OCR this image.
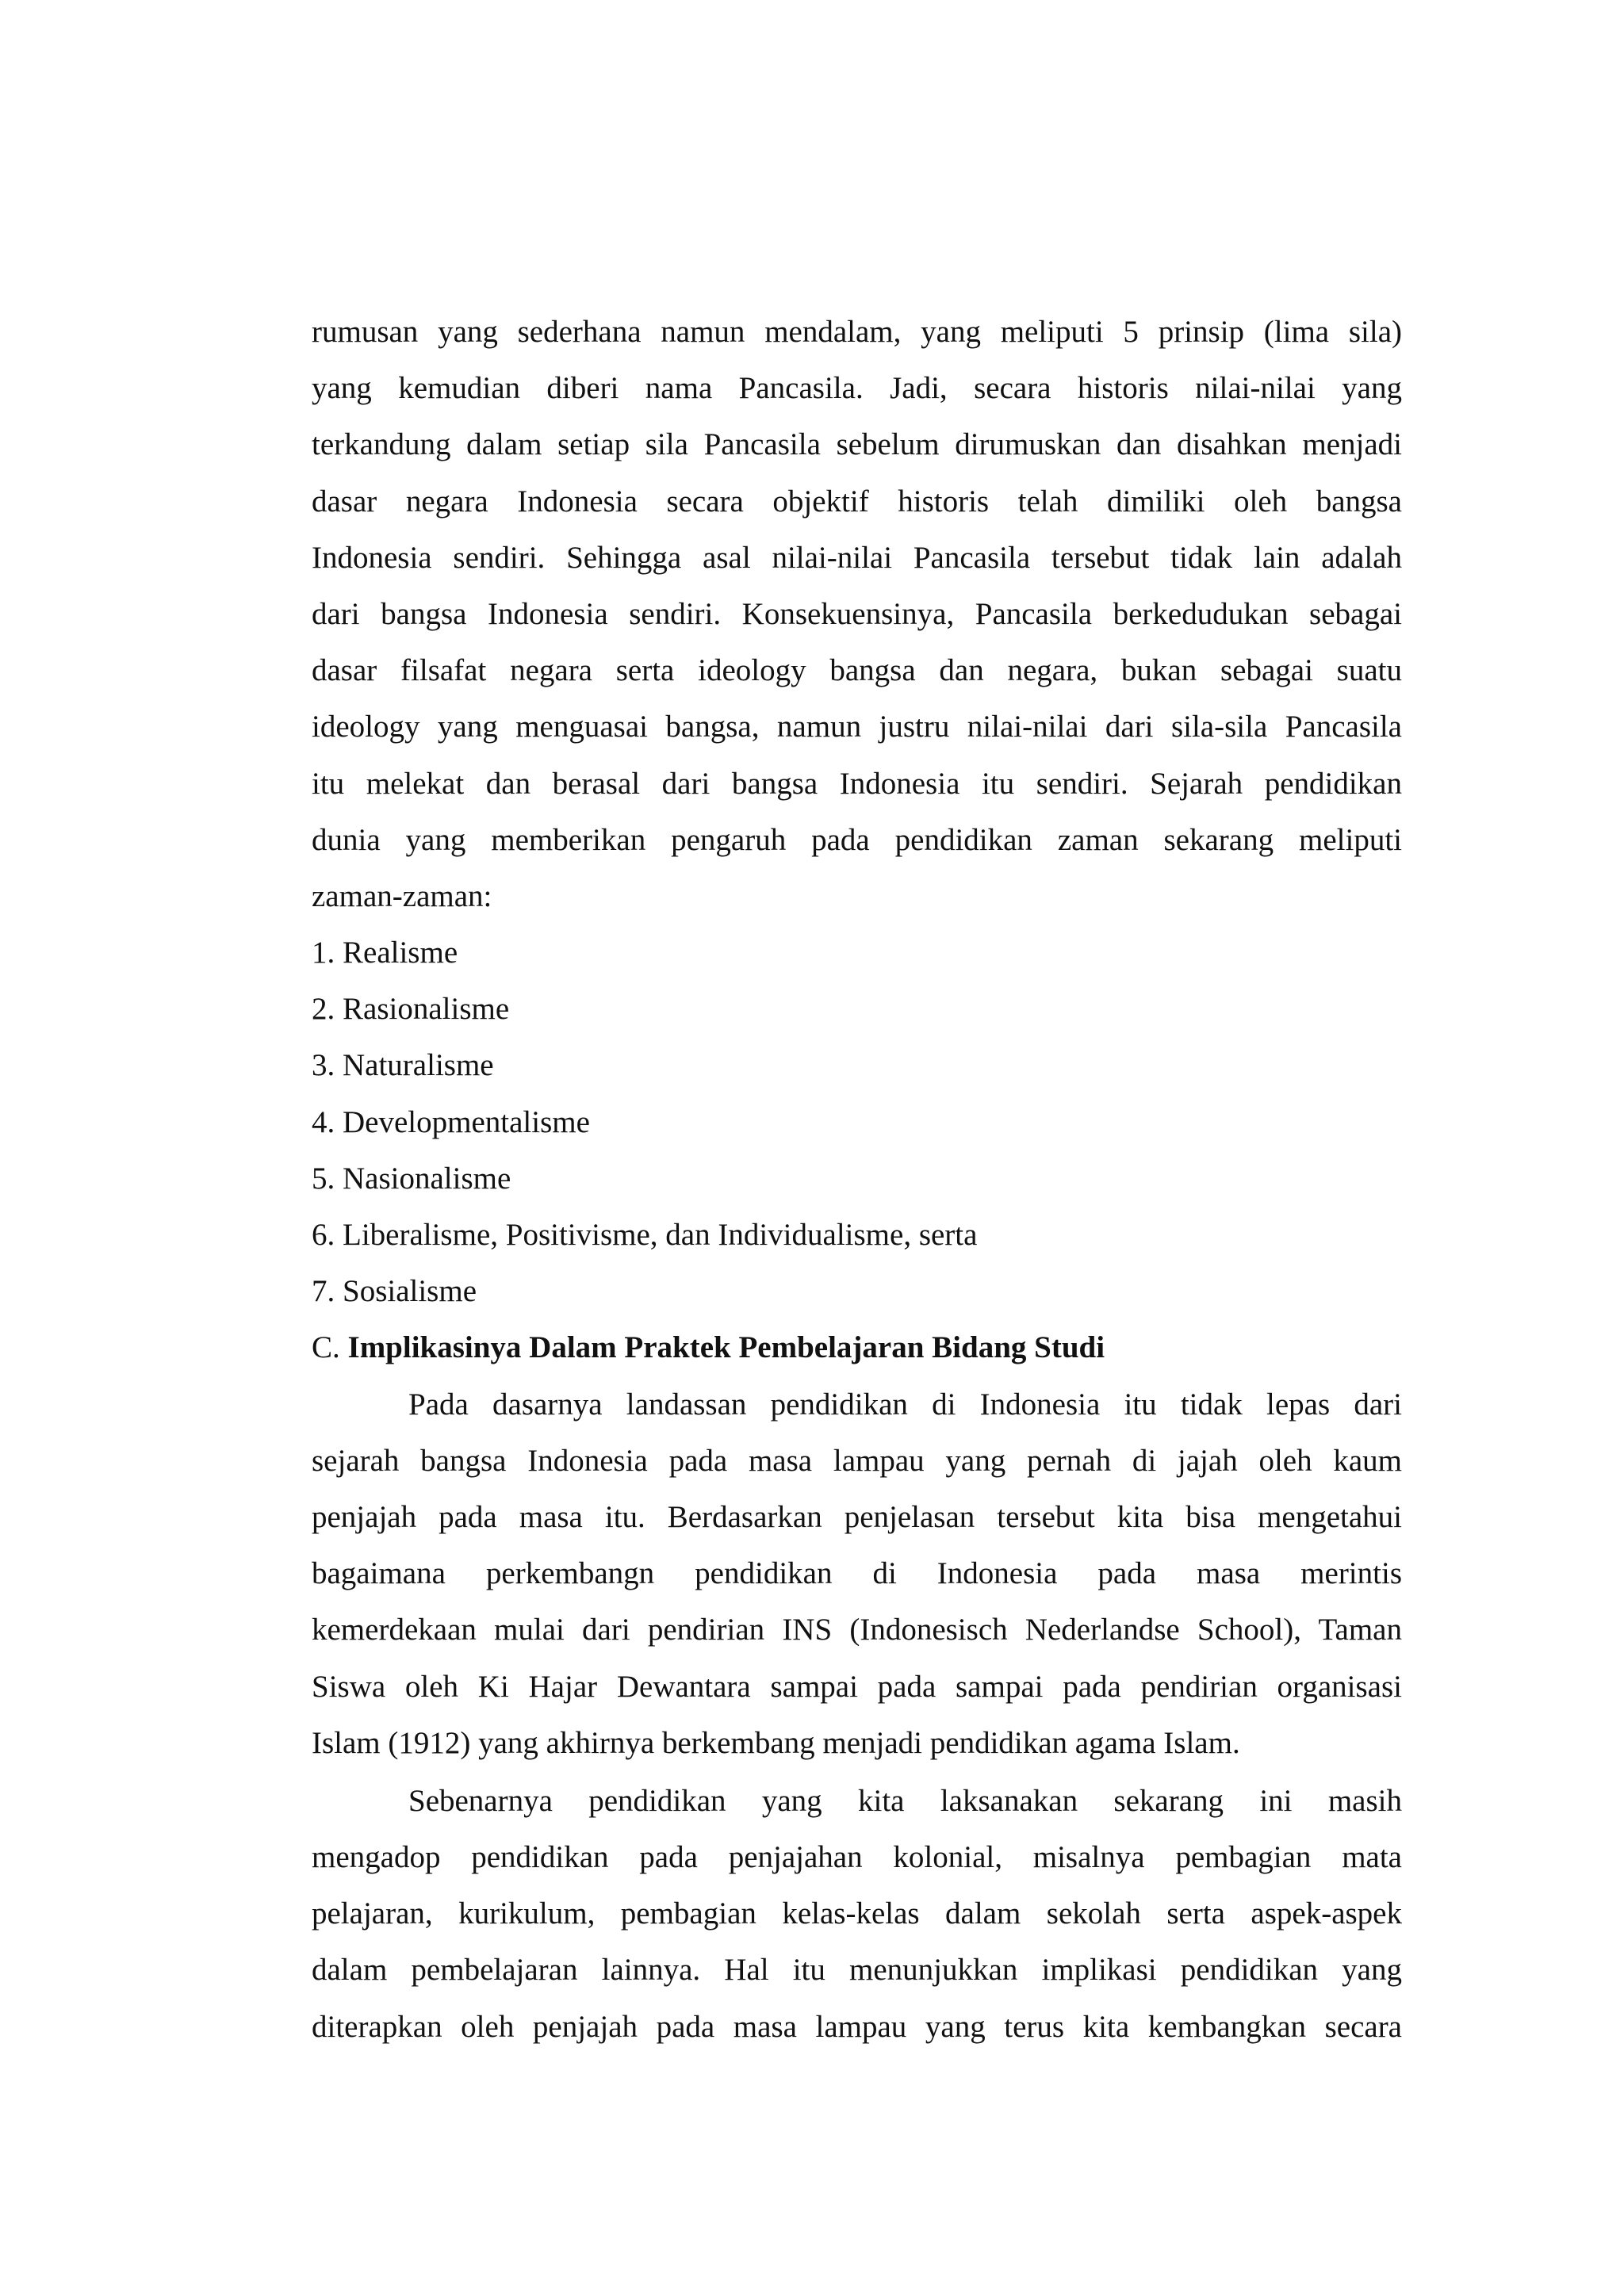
rumusan yang sederhana namun mendalam, yang meliputi 5 prinsip (lima sila)
yang kemudian diberi nama Pancasila. Jadi, secara historis nilai-nilai yang
terkandung dalam setiap sila Pancasila sebelum dirumuskan dan disahkan menjadi
dasar negara Indonesia secara objektif historis telah dimiliki oleh bangsa
Indonesia sendiri. Sehingga asal nilai-nilai Pancasila tersebut tidak lain adalah
dari bangsa Indonesia sendiri. Konsekuensinya, Pancasila berkedudukan sebagai
dasar filsafat negara serta ideology bangsa dan negara, bukan sebagai suatu
ideology yang menguasai bangsa, namun justru nilai-nilai dari sila-sila Pancasila
itu melekat dan berasal dari bangsa Indonesia itu sendiri. Sejarah pendidikan
dunia yang memberikan pengaruh pada pendidikan zaman sekarang meliputi
zaman-zaman:
1. Realisme
2. Rasionalisme
3. Naturalisme
4. Developmentalisme
5. Nasionalisme
6. Liberalisme, Positivisme, dan Individualisme, serta
7. Sosialisme
C. Implikasinya Dalam Praktek Pembelajaran Bidang Studi
Pada dasarnya landassan pendidikan di Indonesia itu tidak lepas dari
sejarah bangsa Indonesia pada masa lampau yang pernah di jajah oleh kaum
penjajah pada masa itu. Berdasarkan penjelasan tersebut kita bisa mengetahui
bagaimana perkembangn pendidikan di Indonesia pada masa merintis
kemerdekaan mulai dari pendirian INS (Indonesisch Nederlandse School), Taman
Siswa oleh Ki Hajar Dewantara sampai pada sampai pada pendirian organisasi
Islam (1912) yang akhirnya berkembang menjadi pendidikan agama Islam.
Sebenarnya pendidikan yang kita laksanakan sekarang ini masih
mengadop pendidikan pada penjajahan kolonial, misalnya pembagian mata
pelajaran, kurikulum, pembagian kelas-kelas dalam sekolah serta aspek-aspek
dalam pembelajaran lainnya. Hal itu menunjukkan implikasi pendidikan yang
diterapkan oleh penjajah pada masa lampau yang terus kita kembangkan secara
